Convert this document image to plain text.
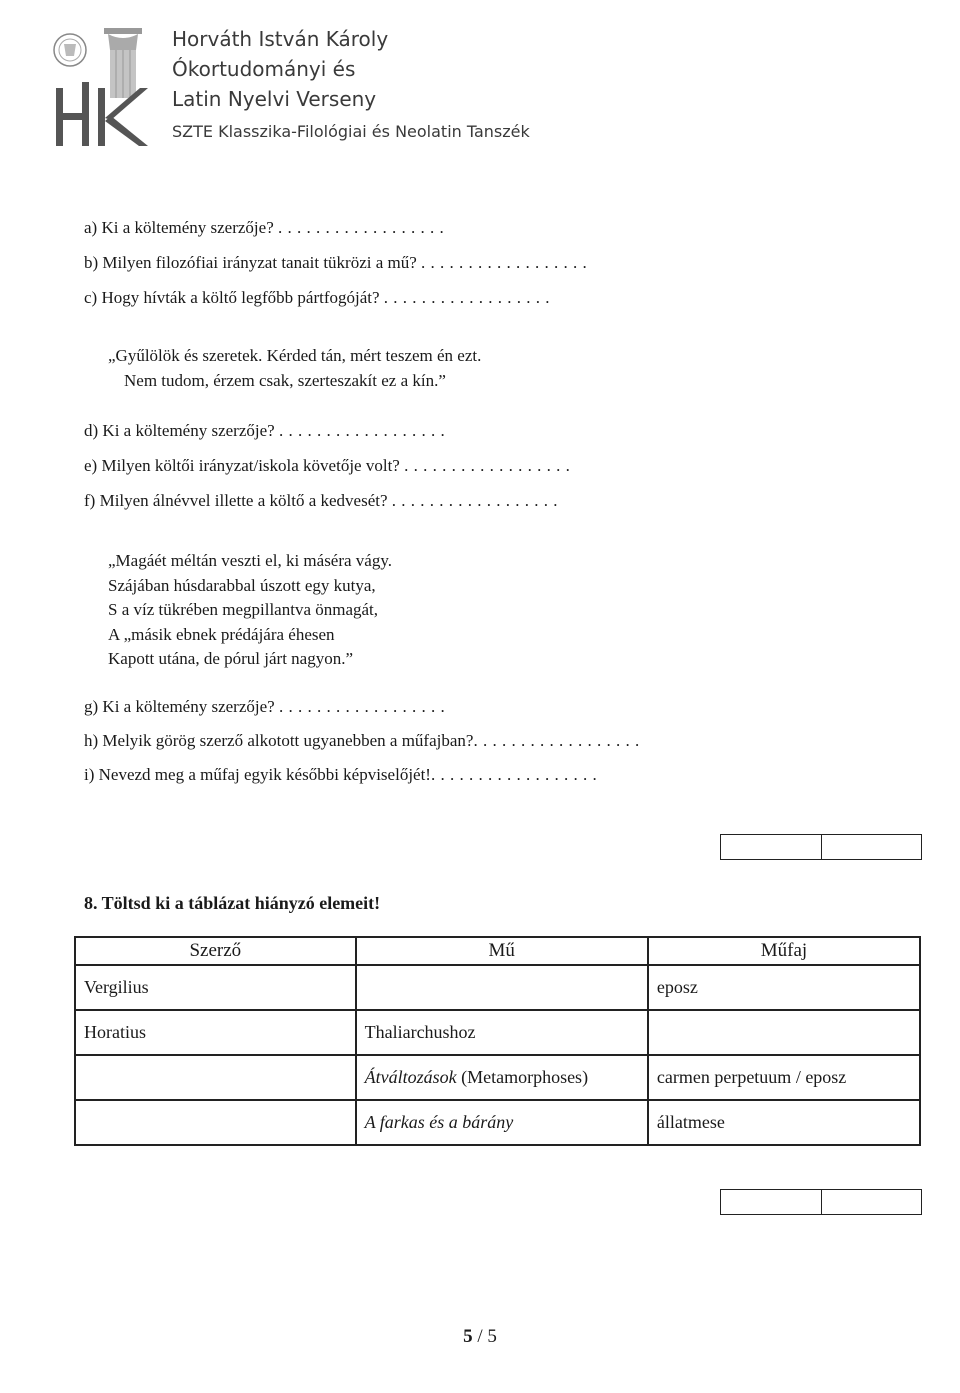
Horváth István Károly
Ókortudományi és
Latin Nyelvi Verseny
SZTE Klasszika-Filológiai és Neolatin Tanszék
a) Ki a költemény szerzője? . . . . . . . . . . . . . . . . . .
b) Milyen filozófiai irányzat tanait tükrözi a mű? . . . . . . . . . . . . . . . . . .
c) Hogy hívták a költő legfőbb pártfogóját? . . . . . . . . . . . . . . . . . .
„Gyűlölök és szeretek. Kérded tán, mért teszem én ezt.
Nem tudom, érzem csak, szerteszakít ez a kín.”
d) Ki a költemény szerzője? . . . . . . . . . . . . . . . . . .
e) Milyen költői irányzat/iskola követője volt? . . . . . . . . . . . . . . . . . .
f) Milyen álnévvel illette a költő a kedvesét? . . . . . . . . . . . . . . . . . .
„Magáét méltán veszti el, ki máséra vágy.
Szájában húsdarabbal úszott egy kutya,
S a víz tükrében megpillantva önmagát,
A „másik ebnek prédájára éhesen
Kapott utána, de pórul járt nagyon.”
g) Ki a költemény szerzője? . . . . . . . . . . . . . . . . . .
h) Melyik görög szerző alkotott ugyanebben a műfajban?. . . . . . . . . . . . . . . . . .
i) Nevezd meg a műfaj egyik későbbi képviselőjét!. . . . . . . . . . . . . . . . . .
8. Töltsd ki a táblázat hiányzó elemeit!
Szerző	Mű	Műfaj
Vergilius		eposz
Horatius	Thaliarchushoz	
	Átváltozások (Metamorphoses)	carmen perpetuum / eposz
	A farkas és a bárány	állatmese
5 / 5
